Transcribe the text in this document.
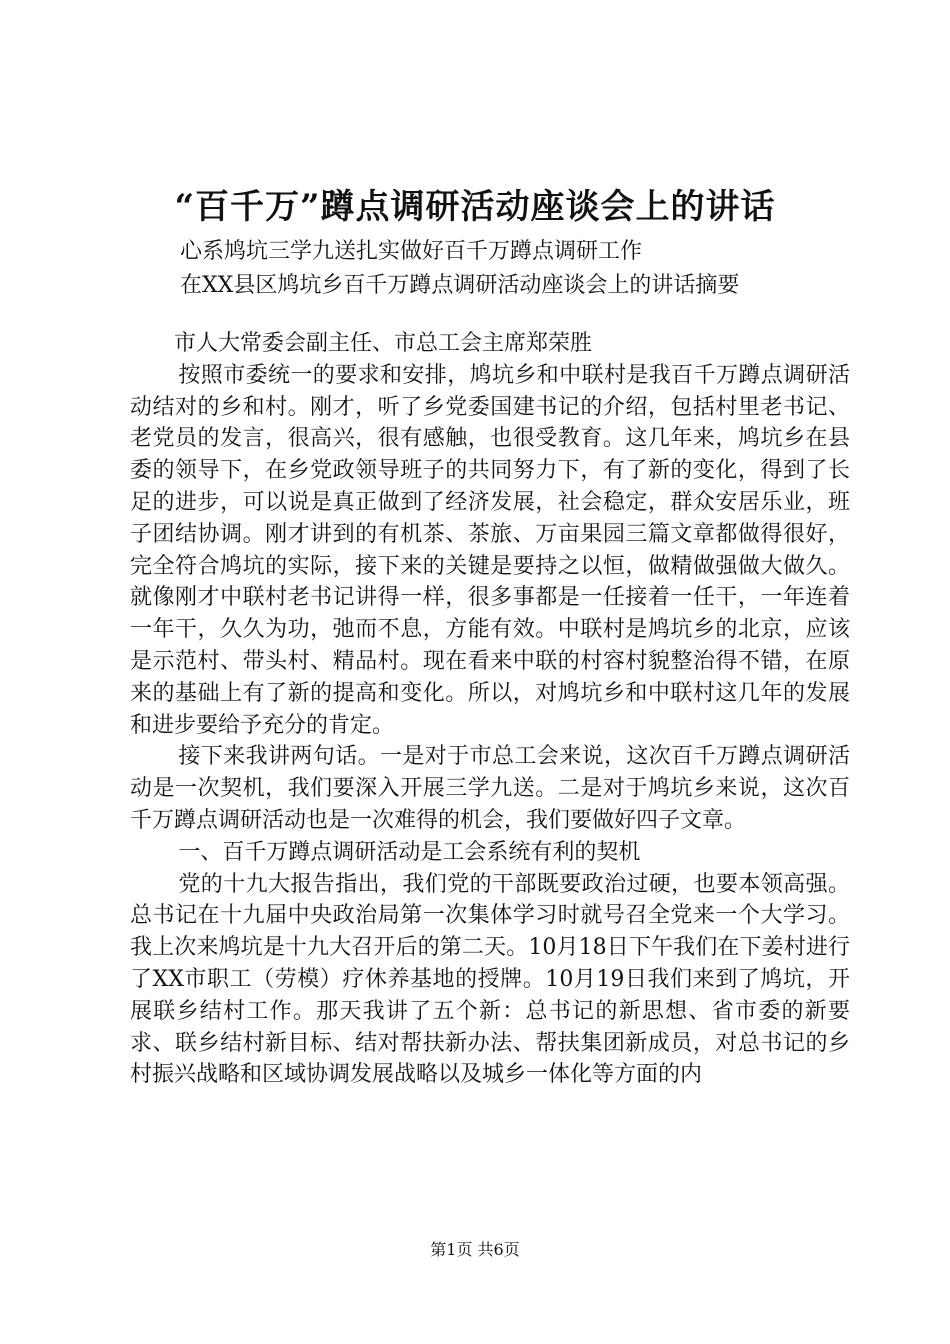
“百千万”蹲点调研活动座谈会上的讲话
心系鸠坑三学九送扎实做好百千万蹲点调研工作
在XX县区鸠坑乡百千万蹲点调研活动座谈会上的讲话摘要

市人大常委会副主任、市总工会主席郑荣胜

按照市委统一的要求和安排，鸠坑乡和中联村是我百千万蹲点调研活动结对的乡和村。刚才，听了乡党委国建书记的介绍，包括村里老书记、老党员的发言，很高兴，很有感触，也很受教育。这几年来，鸠坑乡在县委的领导下，在乡党政领导班子的共同努力下，有了新的变化，得到了长足的进步，可以说是真正做到了经济发展，社会稳定，群众安居乐业，班子团结协调。刚才讲到的有机茶、茶旅、万亩果园三篇文章都做得很好，完全符合鸠坑的实际，接下来的关键是要持之以恒，做精做强做大做久。就像刚才中联村老书记讲得一样，很多事都是一任接着一任干，一年连着一年干，久久为功，弛而不息，方能有效。中联村是鸠坑乡的北京，应该是示范村、带头村、精品村。现在看来中联的村容村貌整治得不错，在原来的基础上有了新的提高和变化。所以，对鸠坑乡和中联村这几年的发展和进步要给予充分的肯定。

接下来我讲两句话。一是对于市总工会来说，这次百千万蹲点调研活动是一次契机，我们要深入开展三学九送。二是对于鸠坑乡来说，这次百千万蹲点调研活动也是一次难得的机会，我们要做好四子文章。

一、百千万蹲点调研活动是工会系统有利的契机

党的十九大报告指出，我们党的干部既要政治过硬，也要本领高强。总书记在十九届中央政治局第一次集体学习时就号召全党来一个大学习。我上次来鸠坑是十九大召开后的第二天。10月18日下午我们在下姜村进行了XX市职工（劳模）疗休养基地的授牌。10月19日我们来到了鸠坑，开展联乡结村工作。那天我讲了五个新：总书记的新思想、省市委的新要求、联乡结村新目标、结对帮扶新办法、帮扶集团新成员，对总书记的乡村振兴战略和区域协调发展战略以及城乡一体化等方面的内

第1页 共6页
